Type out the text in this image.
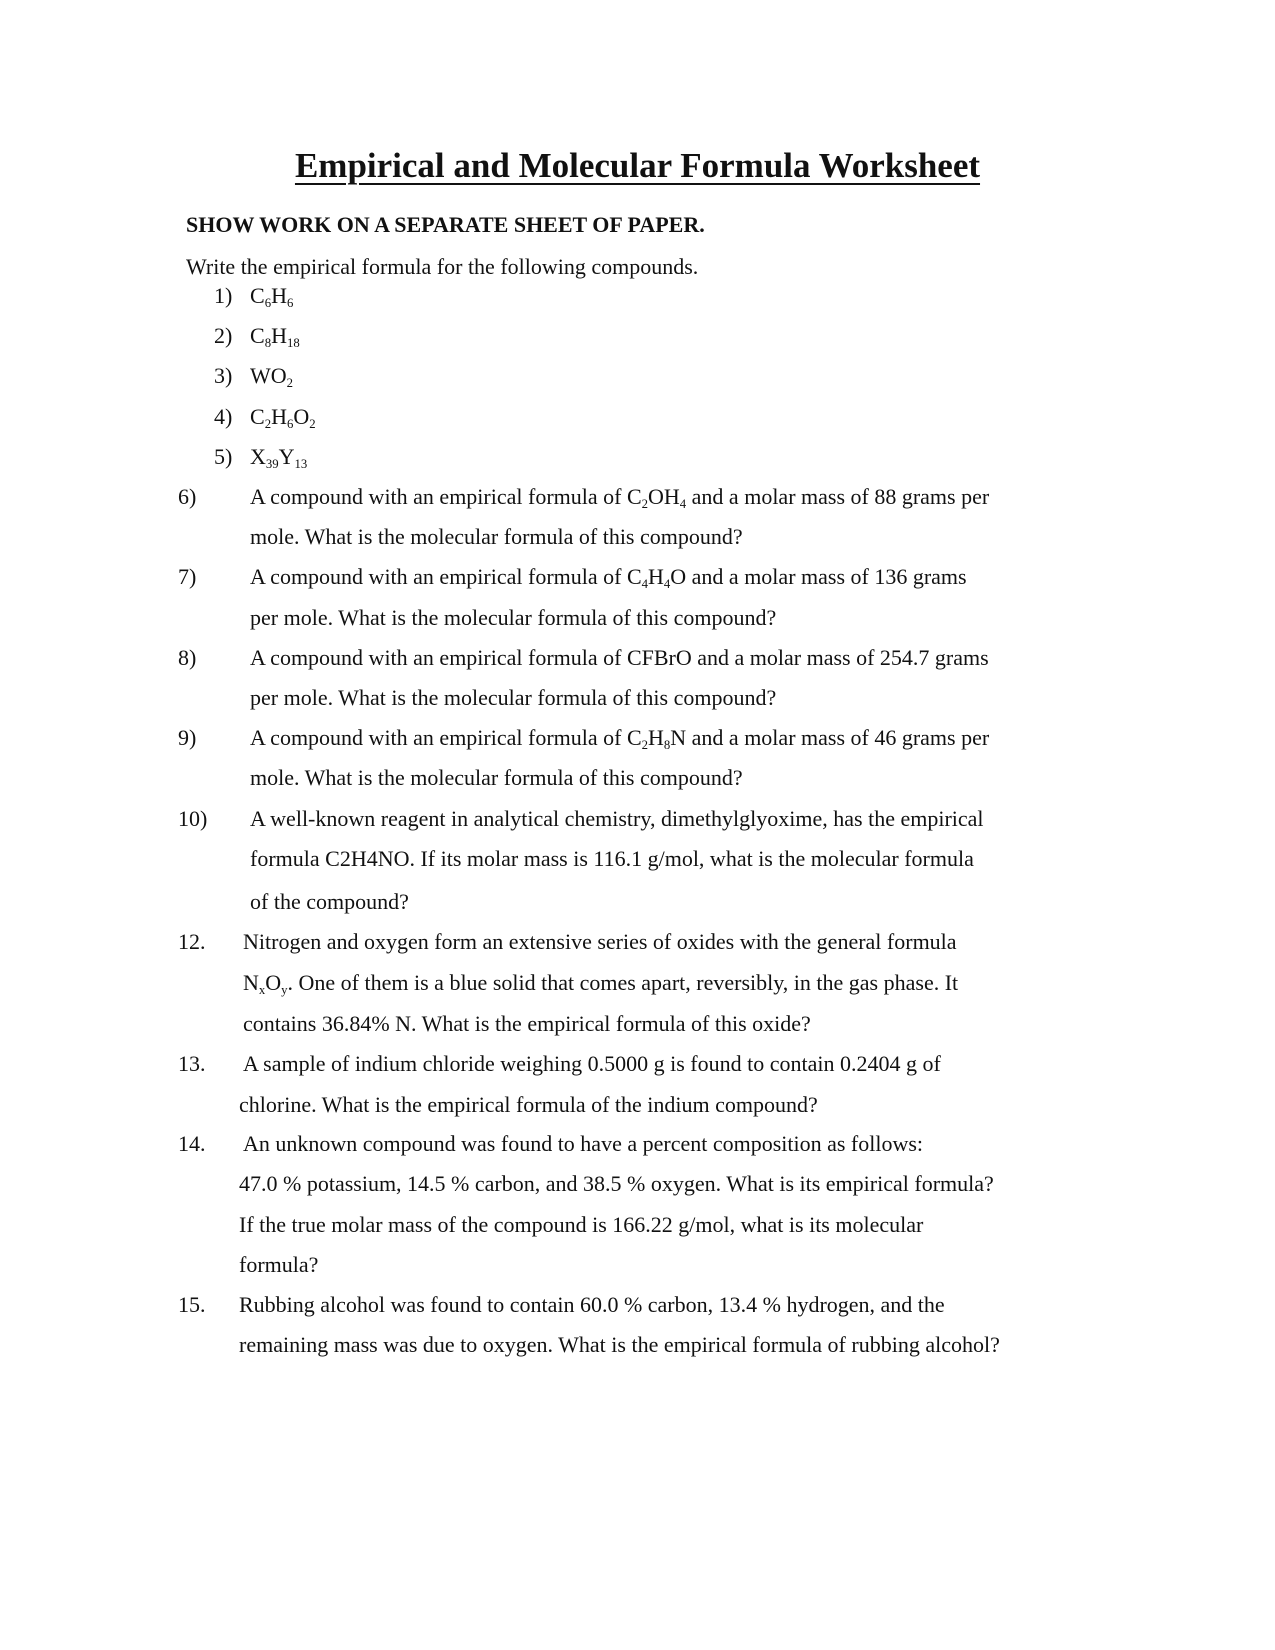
Empirical and Molecular Formula Worksheet

SHOW WORK ON A SEPARATE SHEET OF PAPER.

Write the empirical formula for the following compounds.

1) $C_6H_6$
2) $C_8H_{18}$
3) $WO_2$
4) $C_2H_6O_2$
5) $X_{39}Y_{13}$
6) A compound with an empirical formula of $C_2OH_4$ and a molar mass of 88 grams per
mole. What is the molecular formula of this compound?
7) A compound with an empirical formula of $C_4H_4O$ and a molar mass of 136 grams
per mole. What is the molecular formula of this compound?
8) A compound with an empirical formula of CFBrO and a molar mass of 254.7 grams
per mole. What is the molecular formula of this compound?
9) A compound with an empirical formula of $C_2H_8N$ and a molar mass of 46 grams per
mole. What is the molecular formula of this compound?
10) A well-known reagent in analytical chemistry, dimethylglyoxime, has the empirical
formula C2H4NO. If its molar mass is 116.1 g/mol, what is the molecular formula
of the compound?
12. Nitrogen and oxygen form an extensive series of oxides with the general formula
$N_xO_y$. One of them is a blue solid that comes apart, reversibly, in the gas phase. It
contains 36.84% N. What is the empirical formula of this oxide?
13. A sample of indium chloride weighing 0.5000 g is found to contain 0.2404 g of
chlorine. What is the empirical formula of the indium compound?
14. An unknown compound was found to have a percent composition as follows:
47.0 % potassium, 14.5 % carbon, and 38.5 % oxygen. What is its empirical formula?
If the true molar mass of the compound is 166.22 g/mol, what is its molecular
formula?
15. Rubbing alcohol was found to contain 60.0 % carbon, 13.4 % hydrogen, and the
remaining mass was due to oxygen. What is the empirical formula of rubbing alcohol?
